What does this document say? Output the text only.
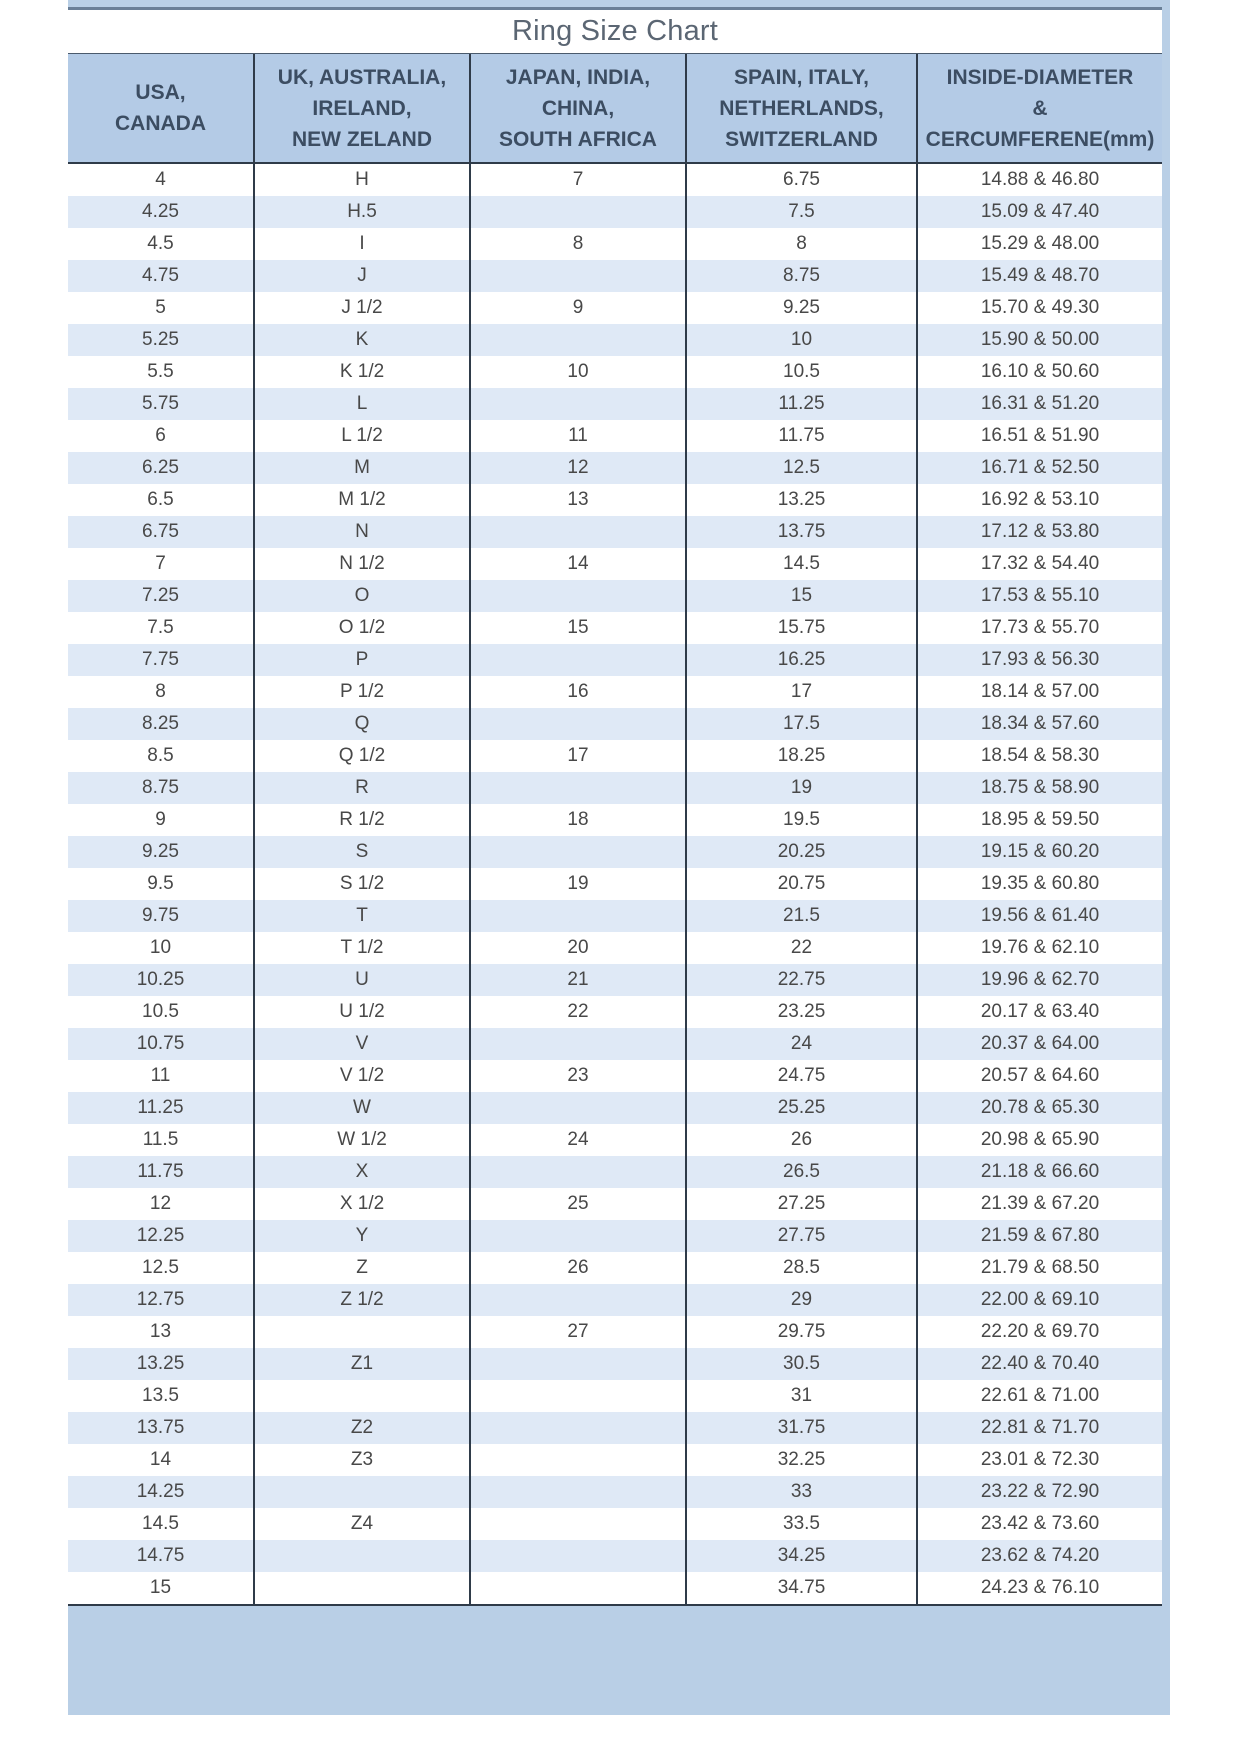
Ring Size Chart
USA,
CANADA	UK, AUSTRALIA,
IRELAND,
NEW ZELAND	JAPAN, INDIA,
CHINA,
SOUTH AFRICA	SPAIN, ITALY,
NETHERLANDS,
SWITZERLAND	INSIDE-DIAMETER
&
CERCUMFERENE(mm)

4	H	7	6.75	14.88 & 46.80
4.25	H.5		7.5	15.09 & 47.40
4.5	I	8	8	15.29 & 48.00
4.75	J		8.75	15.49 & 48.70
5	J 1/2	9	9.25	15.70 & 49.30
5.25	K		10	15.90 & 50.00
5.5	K 1/2	10	10.5	16.10 & 50.60
5.75	L		11.25	16.31 & 51.20
6	L 1/2	11	11.75	16.51 & 51.90
6.25	M	12	12.5	16.71 & 52.50
6.5	M 1/2	13	13.25	16.92 & 53.10
6.75	N		13.75	17.12 & 53.80
7	N 1/2	14	14.5	17.32 & 54.40
7.25	O		15	17.53 & 55.10
7.5	O 1/2	15	15.75	17.73 & 55.70
7.75	P		16.25	17.93 & 56.30
8	P 1/2	16	17	18.14 & 57.00
8.25	Q		17.5	18.34 & 57.60
8.5	Q 1/2	17	18.25	18.54 & 58.30
8.75	R		19	18.75 & 58.90
9	R 1/2	18	19.5	18.95 & 59.50
9.25	S		20.25	19.15 & 60.20
9.5	S 1/2	19	20.75	19.35 & 60.80
9.75	T		21.5	19.56 & 61.40
10	T 1/2	20	22	19.76 & 62.10
10.25	U	21	22.75	19.96 & 62.70
10.5	U 1/2	22	23.25	20.17 & 63.40
10.75	V		24	20.37 & 64.00
11	V 1/2	23	24.75	20.57 & 64.60
11.25	W		25.25	20.78 & 65.30
11.5	W 1/2	24	26	20.98 & 65.90
11.75	X		26.5	21.18 & 66.60
12	X 1/2	25	27.25	21.39 & 67.20
12.25	Y		27.75	21.59 & 67.80
12.5	Z	26	28.5	21.79 & 68.50
12.75	Z 1/2		29	22.00 & 69.10
13		27	29.75	22.20 & 69.70
13.25	Z1		30.5	22.40 & 70.40
13.5			31	22.61 & 71.00
13.75	Z2		31.75	22.81 & 71.70
14	Z3		32.25	23.01 & 72.30
14.25			33	23.22 & 72.90
14.5	Z4		33.5	23.42 & 73.60
14.75			34.25	23.62 & 74.20
15			34.75	24.23 & 76.10
